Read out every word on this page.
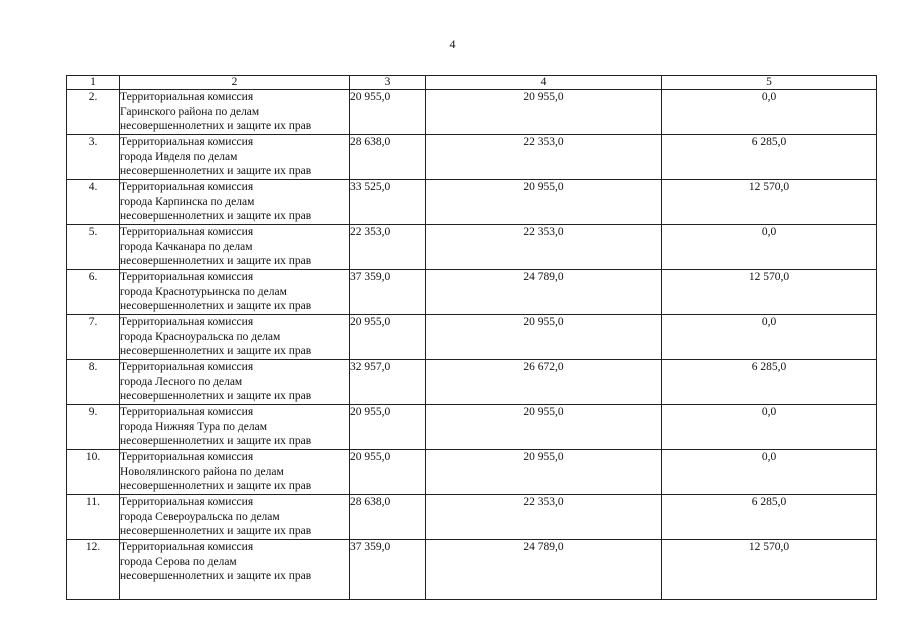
4
1	2	3	4	5
2.	Территориальная комиссия
Гаринского района по делам
несовершеннолетних и защите их прав	20 955,0	20 955,0	0,0
3.	Территориальная комиссия
города Ивделя по делам
несовершеннолетних и защите их прав	28 638,0	22 353,0	6 285,0
4.	Территориальная комиссия
города Карпинска по делам
несовершеннолетних и защите их прав	33 525,0	20 955,0	12 570,0
5.	Территориальная комиссия
города Качканара по делам
несовершеннолетних и защите их прав	22 353,0	22 353,0	0,0
6.	Территориальная комиссия
города Краснотурьинска по делам
несовершеннолетних и защите их прав	37 359,0	24 789,0	12 570,0
7.	Территориальная комиссия
города Красноуральска по делам
несовершеннолетних и защите их прав	20 955,0	20 955,0	0,0
8.	Территориальная комиссия
города Лесного по делам
несовершеннолетних и защите их прав	32 957,0	26 672,0	6 285,0
9.	Территориальная комиссия
города Нижняя Тура по делам
несовершеннолетних и защите их прав	20 955,0	20 955,0	0,0
10.	Территориальная комиссия
Новолялинского района по делам
несовершеннолетних и защите их прав	20 955,0	20 955,0	0,0
11.	Территориальная комиссия
города Североуральска по делам
несовершеннолетних и защите их прав	28 638,0	22 353,0	6 285,0
12.	Территориальная комиссия
города Серова по делам
несовершеннолетних и защите их прав	37 359,0	24 789,0	12 570,0
